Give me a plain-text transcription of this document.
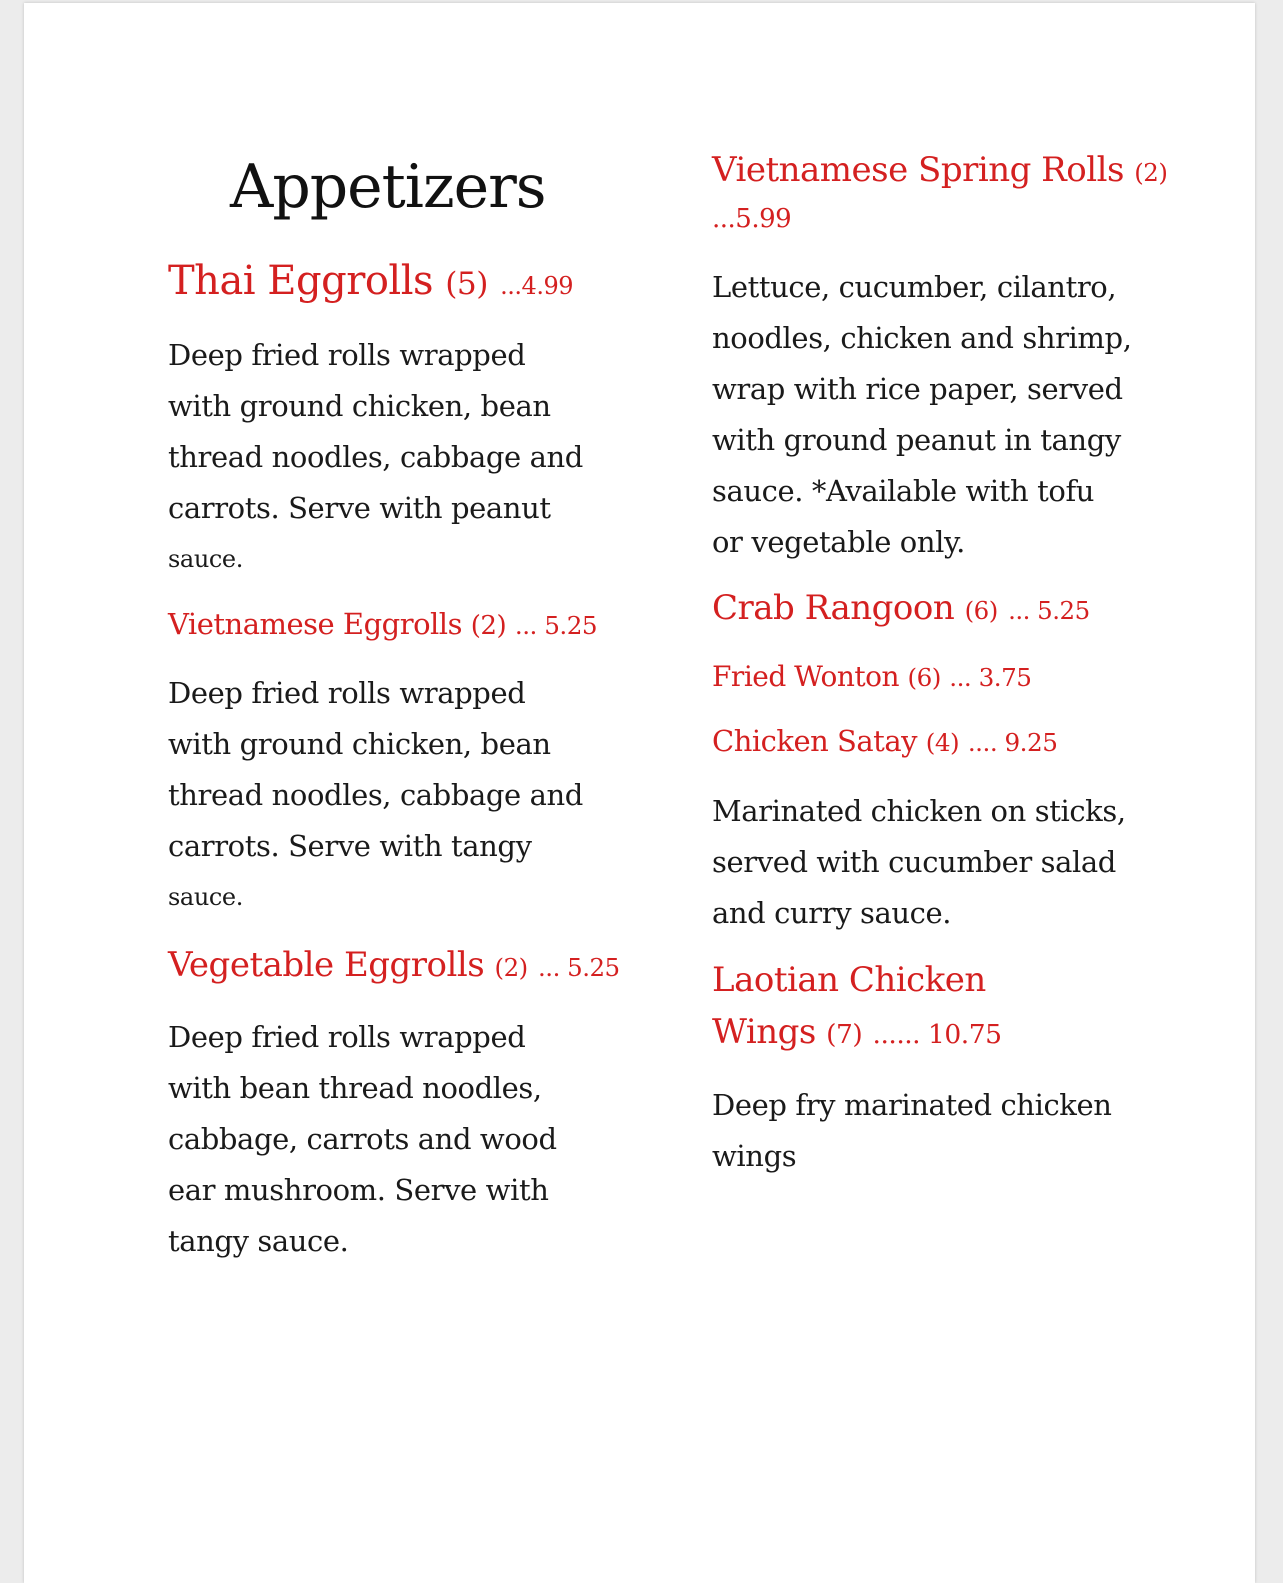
Appetizers
Thai Eggrolls (5) ...4.99
Deep fried rolls wrapped
with ground chicken, bean
thread noodles, cabbage and
carrots. Serve with peanut
sauce.
Vietnamese Eggrolls (2) ... 5.25
Deep fried rolls wrapped
with ground chicken, bean
thread noodles, cabbage and
carrots. Serve with tangy
sauce.
Vegetable Eggrolls (2) ... 5.25
Deep fried rolls wrapped
with bean thread noodles,
cabbage, carrots and wood
ear mushroom. Serve with
tangy sauce.
Vietnamese Spring Rolls (2)
...5.99
Lettuce, cucumber, cilantro,
noodles, chicken and shrimp,
wrap with rice paper, served
with ground peanut in tangy
sauce. *Available with tofu
or vegetable only.
Crab Rangoon (6) ... 5.25
Fried Wonton (6) ... 3.75
Chicken Satay (4) .... 9.25
Marinated chicken on sticks,
served with cucumber salad
and curry sauce.
Laotian Chicken
Wings (7) ...... 10.75
Deep fry marinated chicken
wings
